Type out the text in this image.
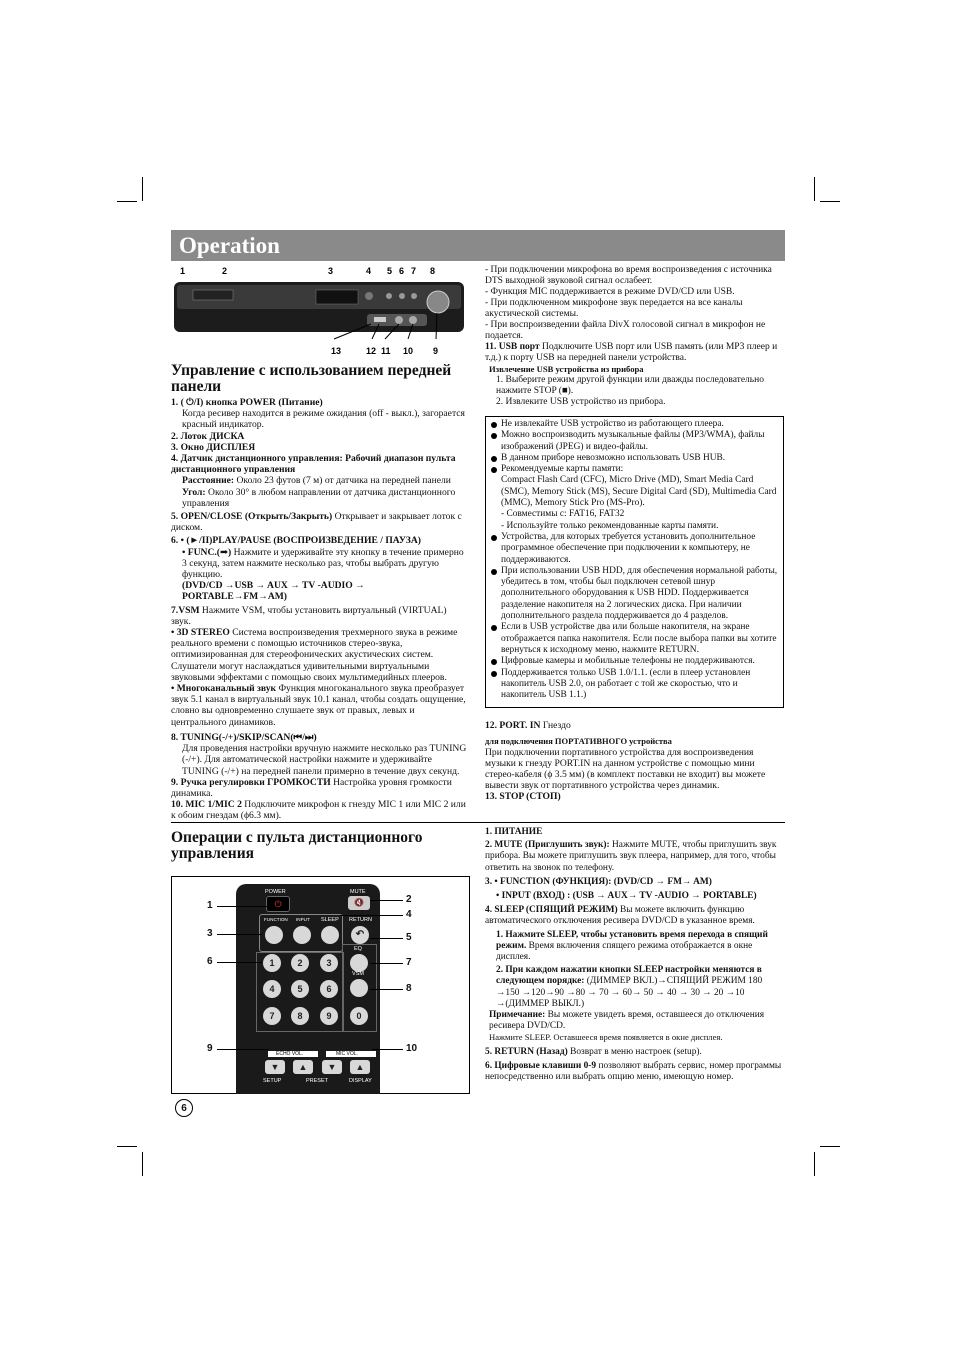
Operation
1	2	3	4 5 6 7 8
13	12 11 10 9

Управление с использованием передней панели

1. ( ⏻/I) кнопка POWER (Питание)

Когда ресивер находится в режиме ожидания (off - выкл.), загорается красный индикатор.

2. Лоток ДИСКА

3. Окно ДИСПЛЕЯ

4. Датчик дистанционного управления: Рабочий диапазон пульта дистанционного управления

Расстояние: Около 23 футов (7 м) от датчика на передней панели

Угол: Около 30° в любом направлении от датчика дистанционного управления

5. OPEN/CLOSE (Открыть/Закрыть) Открывает и закрывает лоток с диском.

6. • (►/II)PLAY/PAUSE (ВОСПРОИЗВЕДЕНИЕ / ПАУЗА)

• FUNC.(➡) Нажмите и удерживайте эту кнопку в течение примерно 3 секунд, затем нажмите несколько раз, чтобы выбрать другую функцию.

(DVD/CD →USB → AUX → TV -AUDIO → PORTABLE→FM→AM)

7.VSM Нажмите VSM, чтобы установить виртуальный (VIRTUAL) звук.

• 3D STEREO Система воспроизведения трехмерного звука в режиме реального времени с помощью источников стерео-звука, оптимизированная для стереофонических акустических систем. Слушатели могут наслаждаться удивительными виртуальными звуковыми эффектами с помощью своих мультимедийных плееров.

• Многоканальный звук Функция многоканального звука преобразует звук 5.1 канал в виртуальный звук 10.1 канал, чтобы создать ощущение, словно вы одновременно слушаете звук от правых, левых и центрального динамиков.

8. TUNING(-/+)/SKIP/SCAN(⏮/⏭)

Для проведения настройки вручную нажмите несколько раз TUNING (-/+). Для автоматической настройки нажмите и удерживайте TUNING (-/+) на передней панели примерно в течение двух секунд.

9. Ручка регулировки ГРОМКОСТИ Настройка уровня громкости динамика.

10. MIC 1/MIC 2 Подключите микрофон к гнезду MIC 1 или MIC 2 или к обоим гнездам (ϕ6.3 мм).

- При подключении микрофона во время воспроизведения с источника DTS выходной звуковой сигнал ослабеет.

- Функция MIC поддерживается в режиме DVD/CD или USB.

- При подключенном микрофоне звук передается на все каналы акустической системы.

- При воспроизведении файла DivX голосовой сигнал в микрофон не подается.

11. USB порт Подключите USB порт или USB память (или MP3 плеер и т.д.) к порту USB на передней панели устройства.

Извлечение USB устройства из прибора

1. Выберите режим другой функции или дважды последовательно нажмите STOP (■).

2. Извлеките USB устройство из прибора.

Не извлекайте USB устройство из работающего плеера.

Можно воспроизводить музыкальные файлы (MP3/WMA), файлы изображений (JPEG) и видео-файлы.

В данном приборе невозможно использовать USB HUB.

Рекомендуемые карты памяти:

Compact Flash Card (CFC), Micro Drive (MD), Smart Media Card (SMC), Memory Stick (MS), Secure Digital Card (SD), Multimedia Card (MMC), Memory Stick Pro (MS-Pro).

- Совместимы с: FAT16, FAT32

- Используйте только рекомендованные карты памяти.

Устройства, для которых требуется установить дополнительное программное обеспечение при подключении к компьютеру, не поддерживаются.

При использовании USB HDD, для обеспечения нормальной работы, убедитесь в том, чтобы был подключен сетевой шнур дополнительного оборудования к USB HDD. Поддерживается разделение накопителя на 2 логических диска. При наличии дополнительного раздела поддерживается до 4 разделов.

Если в USB устройстве два или больше накопителя, на экране отображается папка накопителя. Если после выбора папки вы хотите вернуться к исходному меню, нажмите RETURN.

Цифровые камеры и мобильные телефоны не поддерживаются.

Поддерживается только USB 1.0/1.1. (если в плеер установлен накопитель USB 2.0, он работает с той же скоростью, что и накопитель USB 1.1.)

12. PORT. IN Гнездо

для подключения ПОРТАТИВНОГО устройства

При подключении портативного устройства для воспроизведения музыки к гнезду PORT.IN на данном устройстве с помощью мини стерео-кабеля (ϕ 3.5 мм) (в комплект поставки не входит) вы можете вывести звук от портативного устройства через динамик.

13. STOP (СТОП)

Операции с пульта дистанционного управления

POWER
⏻
MUTE
🔇
FUNCTION INPUT SLEEP RETURN
↶
EQ
VSM
1	2	3
4	5	6
7	8	9	0
ECHO VOL.	MIC VOL.
▼	▲	▼	▲
SETUP	PRESET	DISPLAY
1
3
6
9
2
4
5
7
8
10

1. ПИТАНИЕ

2. MUTE (Приглушить звук): Нажмите MUTE, чтобы приглушить звук прибора. Вы можете приглушить звук плеера, например, для того, чтобы ответить на звонок по телефону.

3. • FUNCTION (ФУНКЦИЯ): (DVD/CD → FM→ AM)

• INPUT (ВХОД) : (USB → AUX→ TV -AUDIO → PORTABLE)

4. SLEEP (СПЯЩИЙ РЕЖИМ) Вы можете включить функцию автоматического отключения ресивера DVD/CD в указанное время.

1. Нажмите SLEEP, чтобы установить время перехода в спящий режим. Время включения спящего режима отображается в окне дисплея.

2. При каждом нажатии кнопки SLEEP настройки меняются в следующем порядке: (ДИММЕР ВКЛ.)→СПЯЩИЙ РЕЖИМ 180 →150 →120→90 →80 → 70 → 60→ 50 → 40 → 30 → 20 →10 →(ДИММЕР ВЫКЛ.)

Примечание: Вы можете увидеть время, оставшееся до отключения ресивера DVD/CD.

Нажмите SLEEP. Оставшееся время появляется в окне дисплея.

5. RETURN (Назад) Возврат в меню настроек (setup).

6. Цифровые клавиши 0-9 позволяют выбрать сервис, номер программы непосредственно или выбрать опцию меню, имеющую номер.

6
